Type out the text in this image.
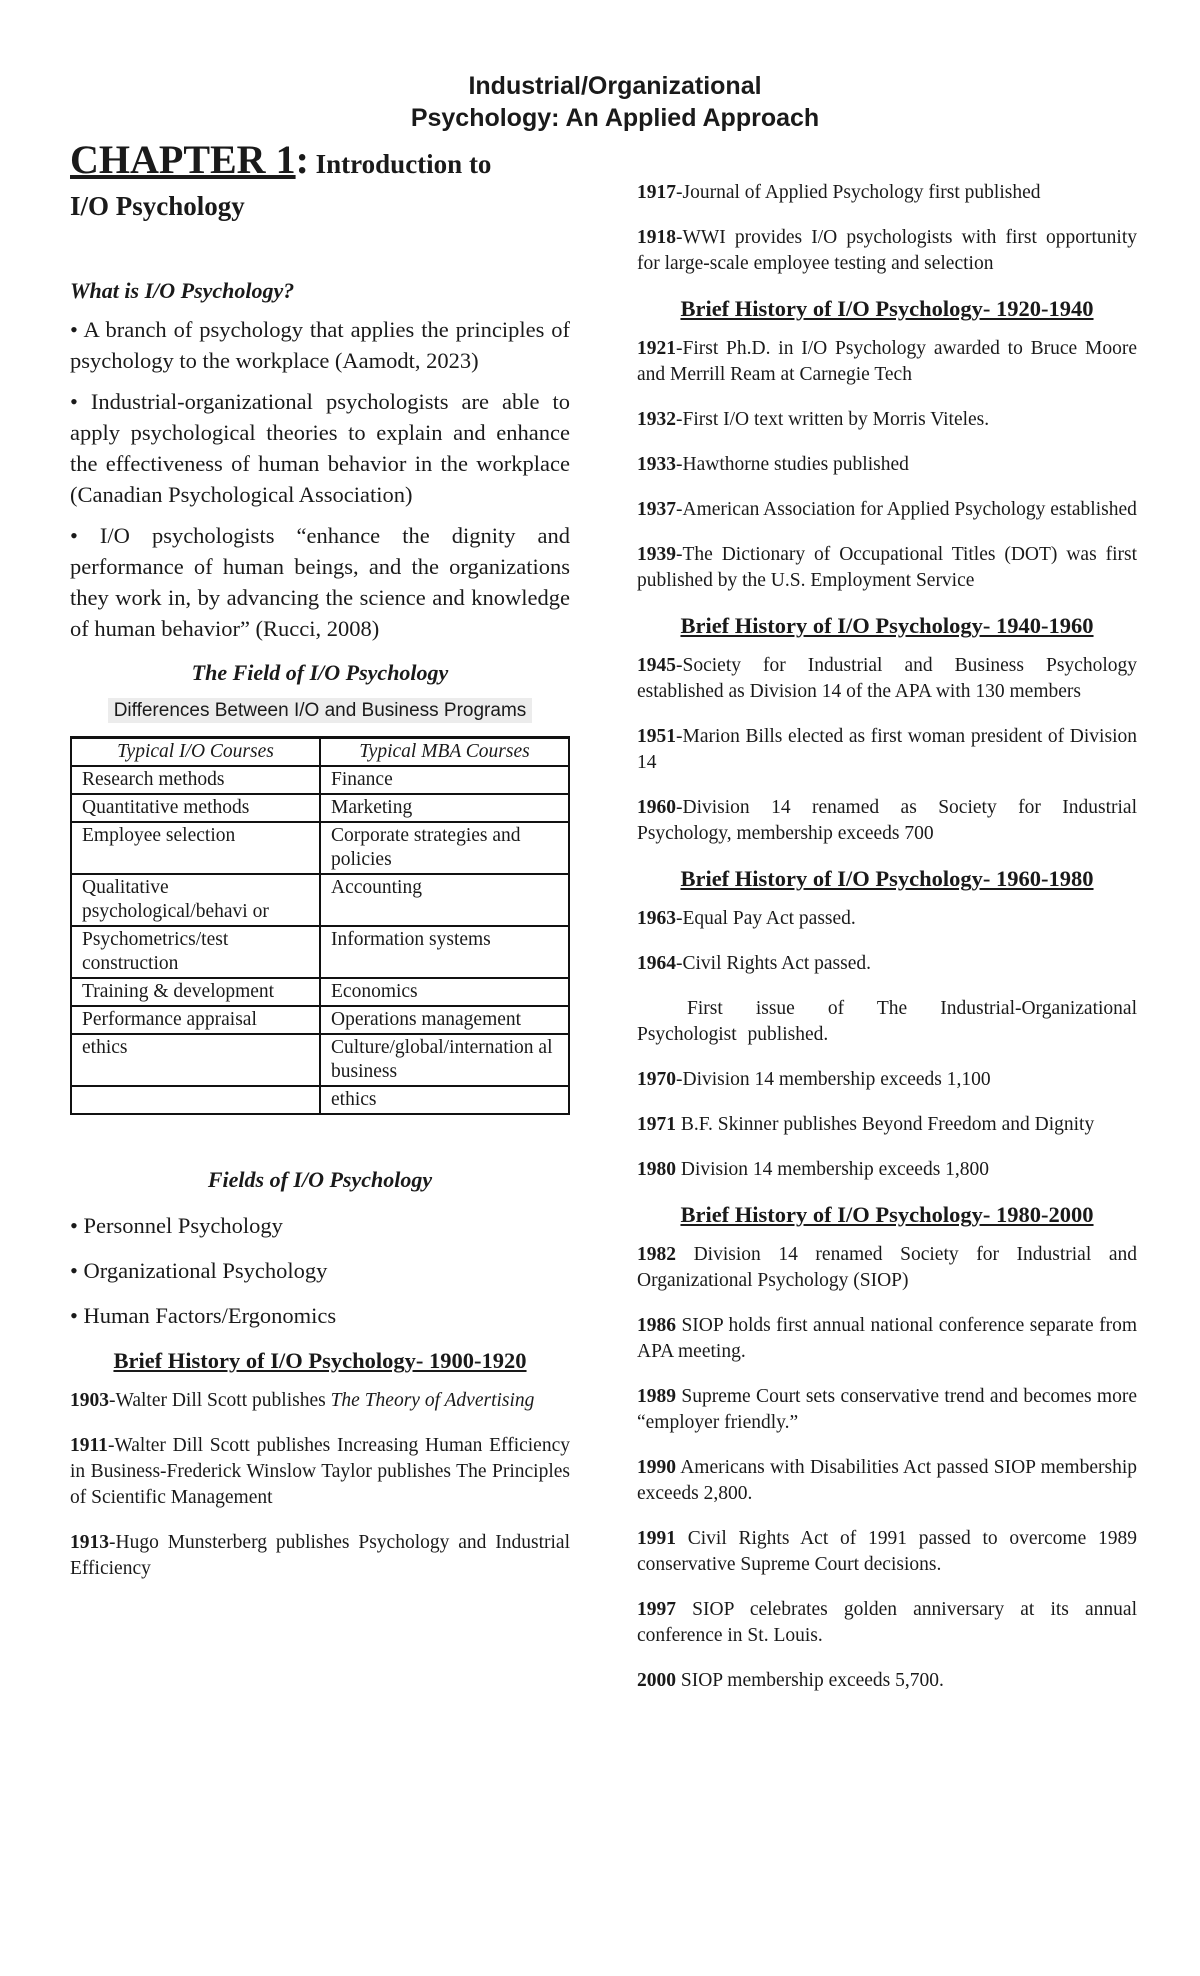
Industrial/Organizational
Psychology: An Applied Approach

CHAPTER 1: Introduction to

I/O Psychology

What is I/O Psychology?

• A branch of psychology that applies the principles of psychology to the workplace (Aamodt, 2023)

• Industrial-organizational psychologists are able to apply psychological theories to explain and enhance the effectiveness of human behavior in the workplace (Canadian Psychological Association)

• I/O psychologists “enhance the dignity and performance of human beings, and the organizations they work in, by advancing the science and knowledge of human behavior” (Rucci, 2008)

The Field of I/O Psychology

Differences Between I/O and Business Programs

Typical I/O Courses	Typical MBA Courses
Research methods	Finance
Quantitative methods	Marketing
Employee selection	Corporate strategies and policies
Qualitative psychological/behavi or	Accounting
Psychometrics/test construction	Information systems
Training & development	Economics
Performance appraisal	Operations management
ethics	Culture/global/internation al business
	ethics

Fields of I/O Psychology

• Personnel Psychology

• Organizational Psychology

• Human Factors/Ergonomics

Brief History of I/O Psychology- 1900-1920

1903-Walter Dill Scott publishes The Theory of Advertising

1911-Walter Dill Scott publishes Increasing Human Efficiency in Business-Frederick Winslow Taylor publishes The Principles of Scientific Management

1913-Hugo Munsterberg publishes Psychology and Industrial Efficiency

1917-Journal of Applied Psychology first published

1918-WWI provides I/O psychologists with first opportunity for large-scale employee testing and selection

Brief History of I/O Psychology- 1920-1940

1921-First Ph.D. in I/O Psychology awarded to Bruce Moore and Merrill Ream at Carnegie Tech

1932-First I/O text written by Morris Viteles.

1933-Hawthorne studies published

1937-American Association for Applied Psychology established

1939-The Dictionary of Occupational Titles (DOT) was first published by the U.S. Employment Service

Brief History of I/O Psychology- 1940-1960

1945-Society for Industrial and Business Psychology established as Division 14 of the APA with 130 members

1951-Marion Bills elected as first woman president of Division 14

1960-Division 14 renamed as Society for Industrial Psychology, membership exceeds 700

Brief History of I/O Psychology- 1960-1980

1963-Equal Pay Act passed.

1964-Civil Rights Act passed.

First issue of The Industrial-Organizational Psychologist published.

1970-Division 14 membership exceeds 1,100

1971 B.F. Skinner publishes Beyond Freedom and Dignity

1980 Division 14 membership exceeds 1,800

Brief History of I/O Psychology- 1980-2000

1982 Division 14 renamed Society for Industrial and Organizational Psychology (SIOP)

1986 SIOP holds first annual national conference separate from APA meeting.

1989 Supreme Court sets conservative trend and becomes more “employer friendly.”

1990 Americans with Disabilities Act passed SIOP membership exceeds 2,800.

1991 Civil Rights Act of 1991 passed to overcome 1989 conservative Supreme Court decisions.

1997 SIOP celebrates golden anniversary at its annual conference in St. Louis.

2000 SIOP membership exceeds 5,700.
